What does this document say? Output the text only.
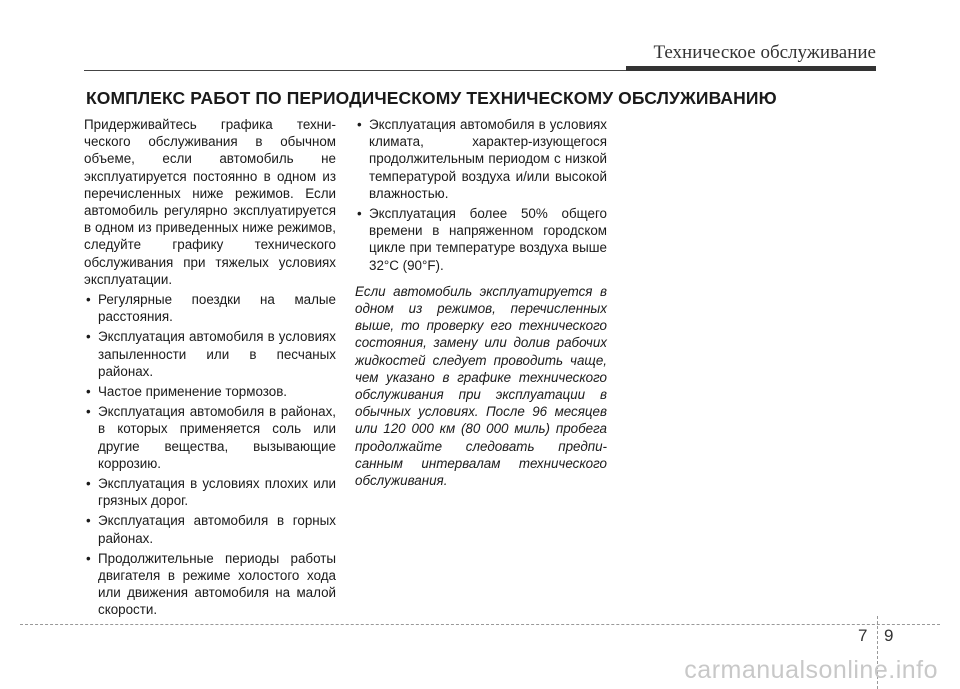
Техническое обслуживание
КОМПЛЕКС РАБОТ ПО ПЕРИОДИЧЕСКОМУ ТЕХНИЧЕСКОМУ ОБСЛУЖИВАНИЮ

Придерживайтесь графика техни-ческого обслуживания в обычном объеме, если автомобиль не эксплуатируется постоянно в одном из перечисленных ниже режимов. Если автомобиль регулярно эксплуатируется в одном из приведенных ниже режимов, следуйте графику технического обслуживания при тяжелых условиях эксплуатации.

• Регулярные поездки на малые расстояния.
• Эксплуатация автомобиля в условиях запыленности или в песчаных районах.
• Частое применение тормозов.
• Эксплуатация автомобиля в районах, в которых применяется соль или другие вещества, вызывающие коррозию.
• Эксплуатация в условиях плохих или грязных дорог.
• Эксплуатация автомобиля в горных районах.
• Продолжительные периоды работы двигателя в режиме холостого хода или движения автомобиля на малой скорости.
• Эксплуатация автомобиля в условиях климата, характер-изующегося продолжительным периодом с низкой температурой воздуха и/или высокой влажностью.
• Эксплуатация более 50% общего времени в напряженном городском цикле при температуре воздуха выше 32°C (90°F).

Если автомобиль эксплуатируется в одном из режимов, перечисленных выше, то проверку его технического состояния, замену или долив рабочих жидкостей следует проводить чаще, чем указано в графике технического обслуживания при эксплуатации в обычных условиях. После 96 месяцев или 120 000 км (80 000 миль) пробега продолжайте следовать предпи-санным интервалам технического обслуживания.

7 9
carmanualsonline.info
